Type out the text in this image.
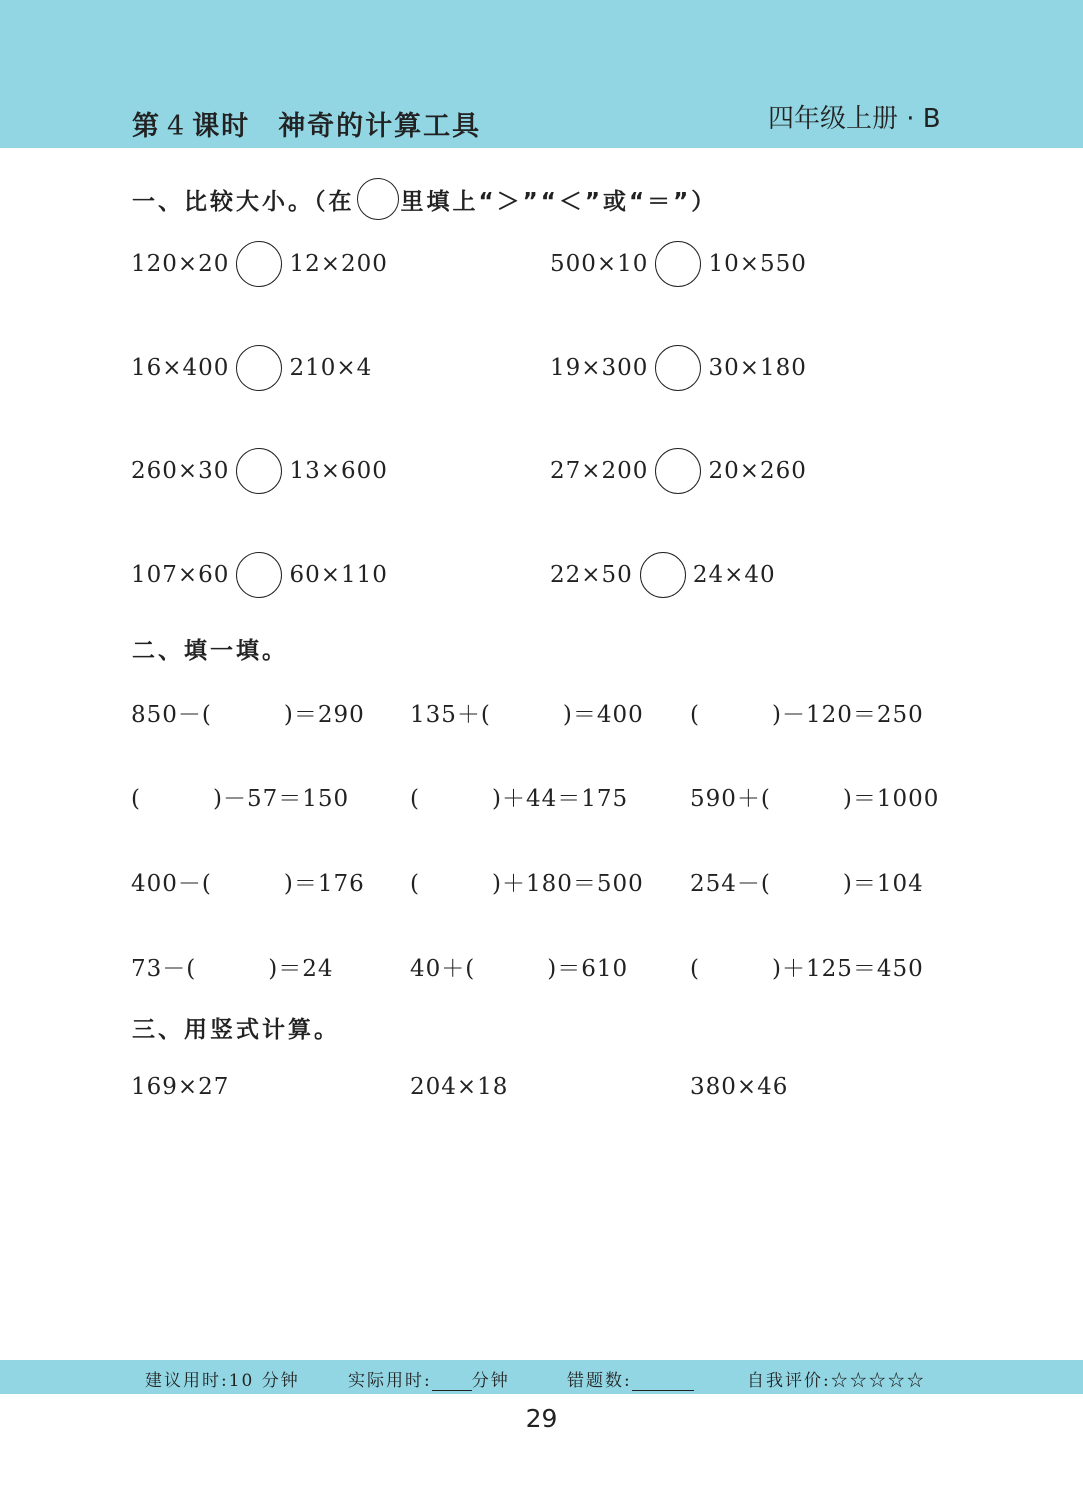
第 4 课时 神奇的计算工具	四年级上册 · B
一、比较大小。（在 里填上“＞”“＜”或“＝”）
120×20	12×200	500×10	10×550
16×400	210×4	19×300	30×180
260×30	13×600	27×200	20×260
107×60	60×110	22×50	24×40
二、填一填。
850－(　　　)＝290 135＋(　　　)＝400 (　　　)－120＝250
(　　　)－57＝150	(　　　)＋44＝175	590＋(　　　)＝1000
400－(　　　)＝176 (　　　)＋180＝500 254－(　　　)＝104
73－(　　　)＝24	40＋(　　　)＝610	(　　　)＋125＝450
三、用竖式计算。
169×27	204×18	380×46
建议用时:10 分钟	实际用时: 分钟	错题数:	自我评价:☆☆☆☆☆
29
